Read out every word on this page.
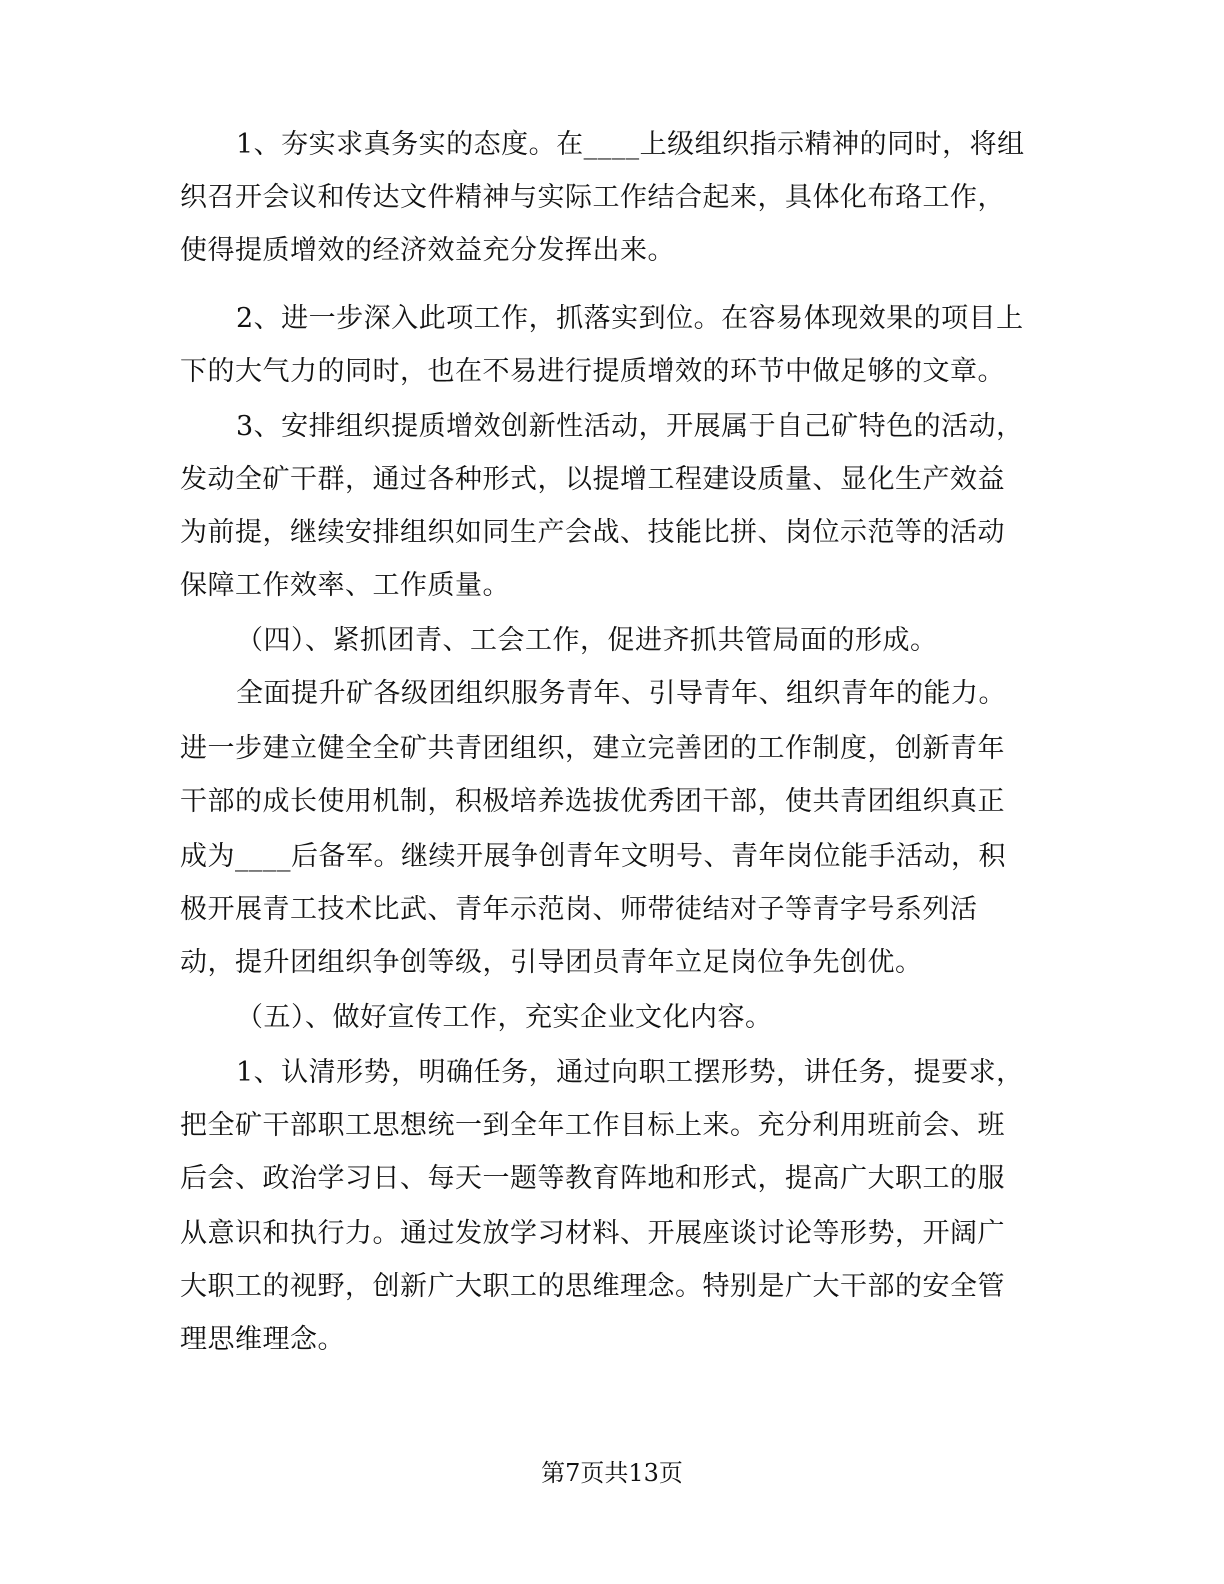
1、夯实求真务实的态度。在____上级组织指示精神的同时，将组
织召开会议和传达文件精神与实际工作结合起来，具体化布珞工作，
使得提质增效的经济效益充分发挥出来。
2、进一步深入此项工作，抓落实到位。在容易体现效果的项目上
下的大气力的同时，也在不易进行提质增效的环节中做足够的文章。
3、安排组织提质增效创新性活动，开展属于自己矿特色的活动，
发动全矿干群，通过各种形式，以提增工程建设质量、显化生产效益
为前提，继续安排组织如同生产会战、技能比拼、岗位示范等的活动
保障工作效率、工作质量。
（四）、紧抓团青、工会工作，促进齐抓共管局面的形成。
全面提升矿各级团组织服务青年、引导青年、组织青年的能力。
进一步建立健全全矿共青团组织，建立完善团的工作制度，创新青年
干部的成长使用机制，积极培养选拔优秀团干部，使共青团组织真正
成为____后备军。继续开展争创青年文明号、青年岗位能手活动，积
极开展青工技术比武、青年示范岗、师带徒结对子等青字号系列活
动，提升团组织争创等级，引导团员青年立足岗位争先创优。
（五）、做好宣传工作，充实企业文化内容。
1、认清形势，明确任务，通过向职工摆形势，讲任务，提要求，
把全矿干部职工思想统一到全年工作目标上来。充分利用班前会、班
后会、政治学习日、每天一题等教育阵地和形式，提高广大职工的服
从意识和执行力。通过发放学习材料、开展座谈讨论等形势，开阔广
大职工的视野，创新广大职工的思维理念。特别是广大干部的安全管
理思维理念。
第7页共13页
